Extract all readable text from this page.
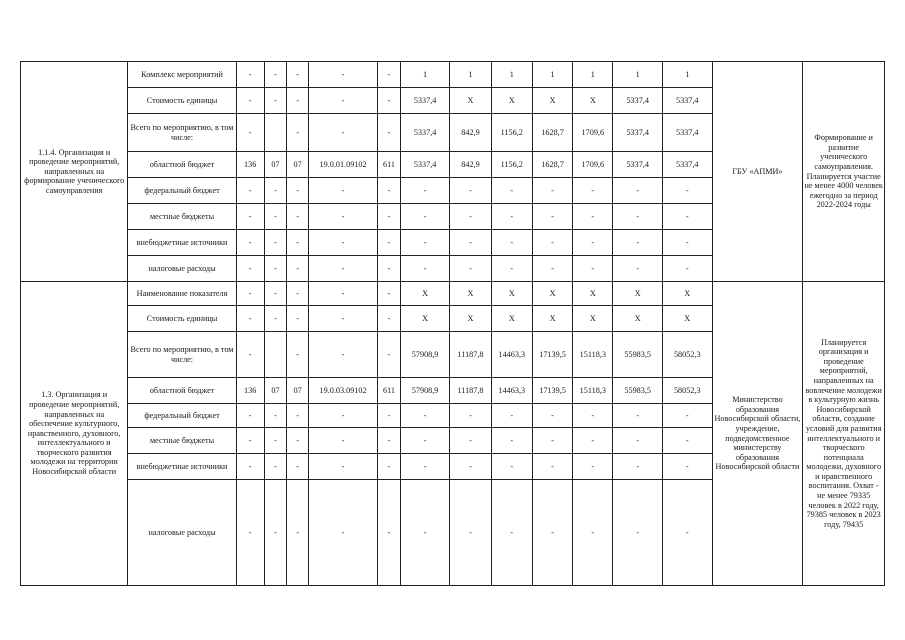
1.1.4. Организация и проведение мероприятий, направленных на формирование ученического самоуправления	Комплекс мероприятий	-	-	-	-	-	1	1	1	1	1	1	1	ГБУ «АПМИ»	Формирование и развитие ученического самоуправления. Планируется участие не менее 4000 человек ежегодно за период 2022-2024 годы
	Стоимость единицы	-	-	-	-	-	5337,4	X	X	X	X	5337,4	5337,4		
	Всего по мероприятию, в том числе:	-		-	-	-	5337,4	842,9	1156,2	1628,7	1709,6	5337,4	5337,4		
	областной бюджет	136	07	07	19.0.01.09102	611	5337,4	842,9	1156,2	1628,7	1709,6	5337,4	5337,4		
	федеральный бюджет	-	-	-	-	-	-	-	-	-	-	-	-		
	местные бюджеты	-	-	-	-	-	-	-	-	-	-	-	-		
	внебюджетные источники	-	-	-	-	-	-	-	-	-	-	-	-		
	налоговые расходы	-	-	-	-	-	-	-	-	-	-	-	-		
1.3. Организация и проведение мероприятий, направленных на обеспечение культурного, нравственного, духовного, интеллектуального и творческого развития молодежи на территории Новосибирской области	Наименование показателя	-	-	-	-	-	X	X	X	X	X	X	X	Министерство образования Новосибирской области, учреждение, подведомственное министерству образования Новосибирской области	Планируется организация и проведение мероприятий, направленных на вовлечение молодежи в культурную жизнь Новосибирской области, создание условий для развития интеллектуального и творческого потенциала молодежи, духовного и нравственного воспитания. Охват - не менее 79335 человек в 2022 году, 79385 человек в 2023 году, 79435
	Стоимость единицы	-	-	-	-	-	X	X	X	X	X	X	X		
	Всего по мероприятию, в том числе:	-		-	-	-	57908,9	11187,8	14463,3	17139,5	15118,3	55983,5	58052,3		
	областной бюджет	136	07	07	19.0.03.09102	611	57908,9	11187,8	14463,3	17139,5	15118,3	55983,5	58052,3		
	федеральный бюджет	-	-	-	-	-	-	-	-	-	-	-	-		
	местные бюджеты	-	-	-	-	-	-	-	-	-	-	-	-		
	внебюджетные источники	-	-	-	-	-	-	-	-	-	-	-	-		
	налоговые расходы	-	-	-	-	-	-	-	-	-	-	-	-		
